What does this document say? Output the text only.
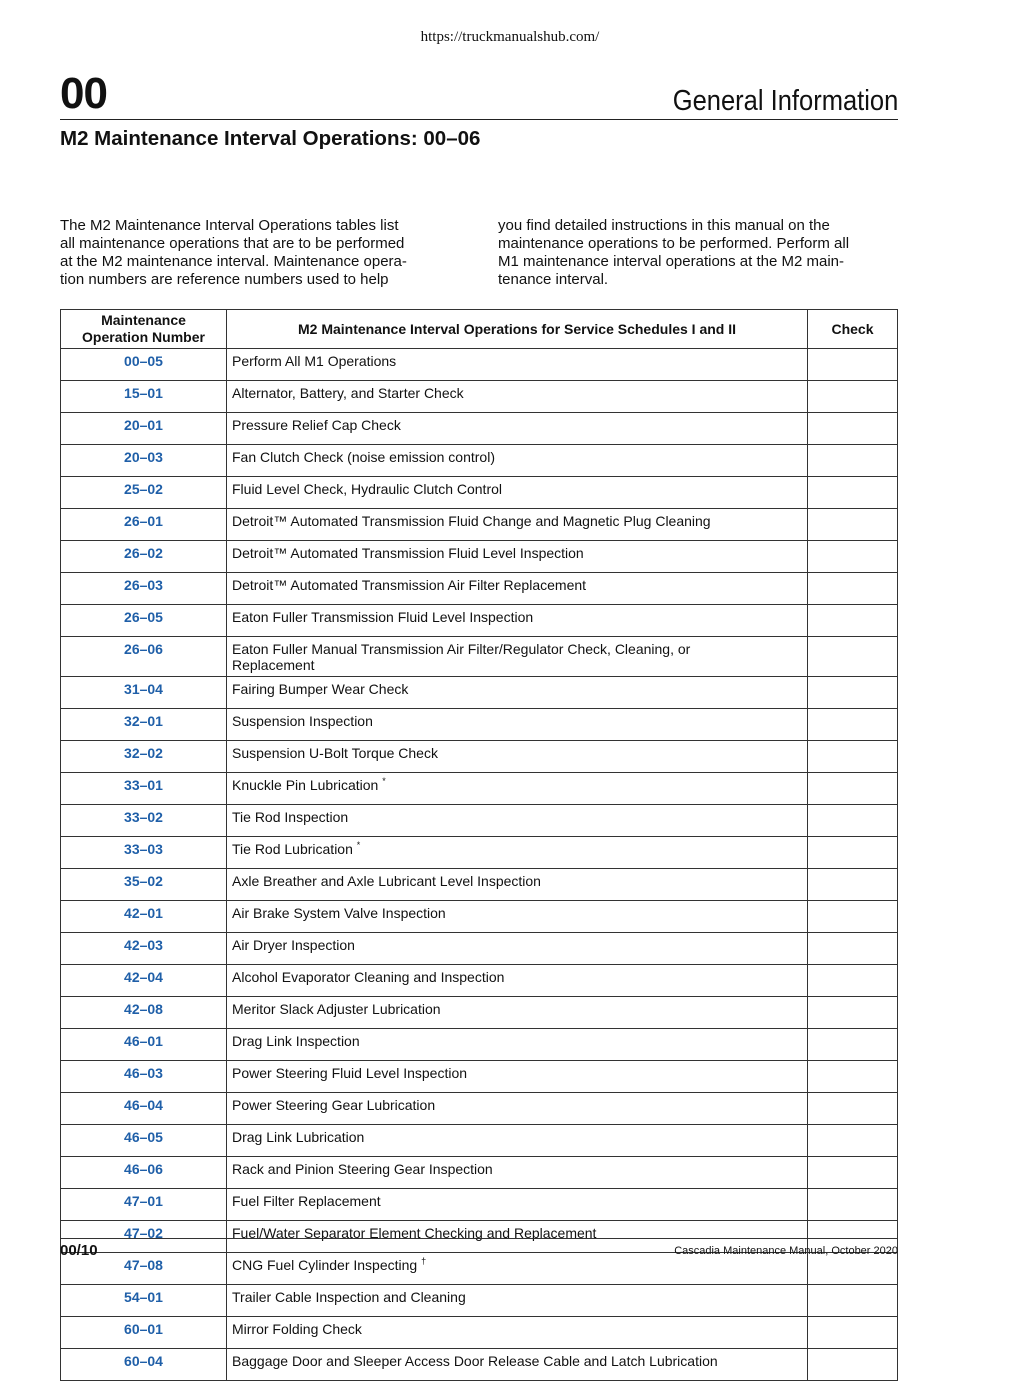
https://truckmanualshub.com/
00	General Information
M2 Maintenance Interval Operations: 00–06
The M2 Maintenance Interval Operations tables list
all maintenance operations that are to be performed
at the M2 maintenance interval. Maintenance opera-
tion numbers are reference numbers used to help
you find detailed instructions in this manual on the
maintenance operations to be performed. Perform all
M1 maintenance interval operations at the M2 main-
tenance interval.
Maintenance
Operation Number	M2 Maintenance Interval Operations for Service Schedules I and II	Check
00–05	Perform All M1 Operations	
15–01	Alternator, Battery, and Starter Check	
20–01	Pressure Relief Cap Check	
20–03	Fan Clutch Check (noise emission control)	
25–02	Fluid Level Check, Hydraulic Clutch Control	
26–01	Detroit™ Automated Transmission Fluid Change and Magnetic Plug Cleaning	
26–02	Detroit™ Automated Transmission Fluid Level Inspection	
26–03	Detroit™ Automated Transmission Air Filter Replacement	
26–05	Eaton Fuller Transmission Fluid Level Inspection	
26–06	Eaton Fuller Manual Transmission Air Filter/Regulator Check, Cleaning, or
Replacement	
31–04	Fairing Bumper Wear Check	
32–01	Suspension Inspection	
32–02	Suspension U-Bolt Torque Check	
33–01	Knuckle Pin Lubrication *	
33–02	Tie Rod Inspection	
33–03	Tie Rod Lubrication *	
35–02	Axle Breather and Axle Lubricant Level Inspection	
42–01	Air Brake System Valve Inspection	
42–03	Air Dryer Inspection	
42–04	Alcohol Evaporator Cleaning and Inspection	
42–08	Meritor Slack Adjuster Lubrication	
46–01	Drag Link Inspection	
46–03	Power Steering Fluid Level Inspection	
46–04	Power Steering Gear Lubrication	
46–05	Drag Link Lubrication	
46–06	Rack and Pinion Steering Gear Inspection	
47–01	Fuel Filter Replacement	
47–02	Fuel/Water Separator Element Checking and Replacement	
47–08	CNG Fuel Cylinder Inspecting †	
54–01	Trailer Cable Inspection and Cleaning	
60–01	Mirror Folding Check	
60–04	Baggage Door and Sleeper Access Door Release Cable and Latch Lubrication	
00/10	Cascadia Maintenance Manual, October 2020
